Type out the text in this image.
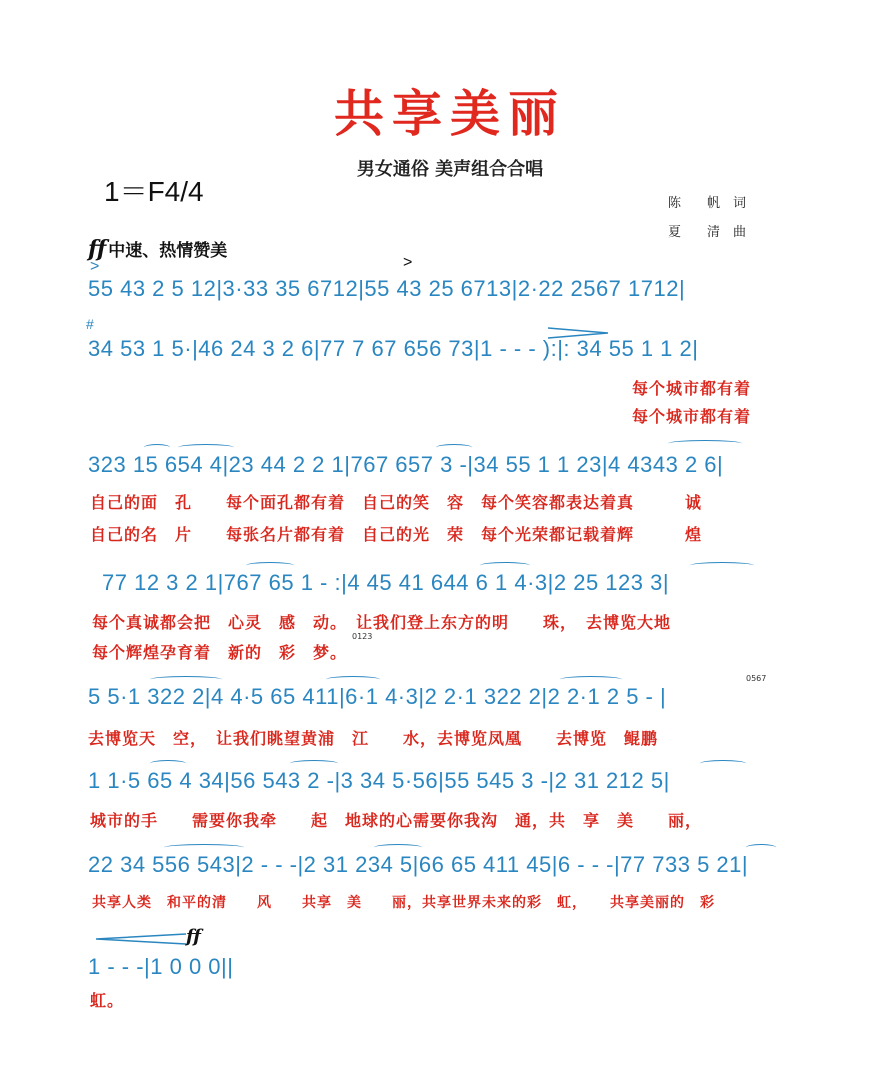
共享美丽
男女通俗 美声组合合唱
1＝F4/4	陈　　帆　词
夏　　清　曲
ff 中速、热情赞美
>	>
#
55 43 2 5 12|3·33 35 6712|55 43 25 6713|2·22 2567 1712|
34 53 1 5·|46 24 3 2 6|77 7 67 656 73|1 - - - ):|: 34 55 1 1 2|
每个城市都有着
每个城市都有着
323 15 654 4|23 44 2 2 1|767 657 3 -|34 55 1 1 23|4 4343 2 6|
自己的面　孔　　每个面孔都有着　自己的笑　容　每个笑容都表达着真　　　诚
自己的名　片　　每张名片都有着　自己的光　荣　每个光荣都记载着辉　　　煌
77 12 3 2 1|767 65 1 - :|4 45 41 644 6 1 4·3|2 25 123 3|
每个真诚都会把　心灵　感　动。　让我们登上东方的明　　珠，　去博览大地
每个辉煌孕育着　新的　彩　梦。
0123
5 5·1 322 2|4 4·5 65 411|6·1 4·3|2 2·1 322 2|2 2·1 2 5 - |
0567
去博览天　空，　让我们眺望黄浦　江　　水，去博览凤凰　　去博览　鲲鹏
1 1·5 65 4 34|56 543 2 -|3 34 5·56|55 545 3 -|2 31 212 5|
城市的手　　需要你我牵　　起　地球的心需要你我沟　通，共　享　美　　丽，
22 34 556 543|2 - - -|2 31 234 5|66 65 411 45|6 - - -|77 733 5 21|
共享人类　和平的清　　风　　共享　美　　丽，共享世界未来的彩　虹，　　共享美丽的　彩
ff
1 - - -|1 0 0 0||
虹。
